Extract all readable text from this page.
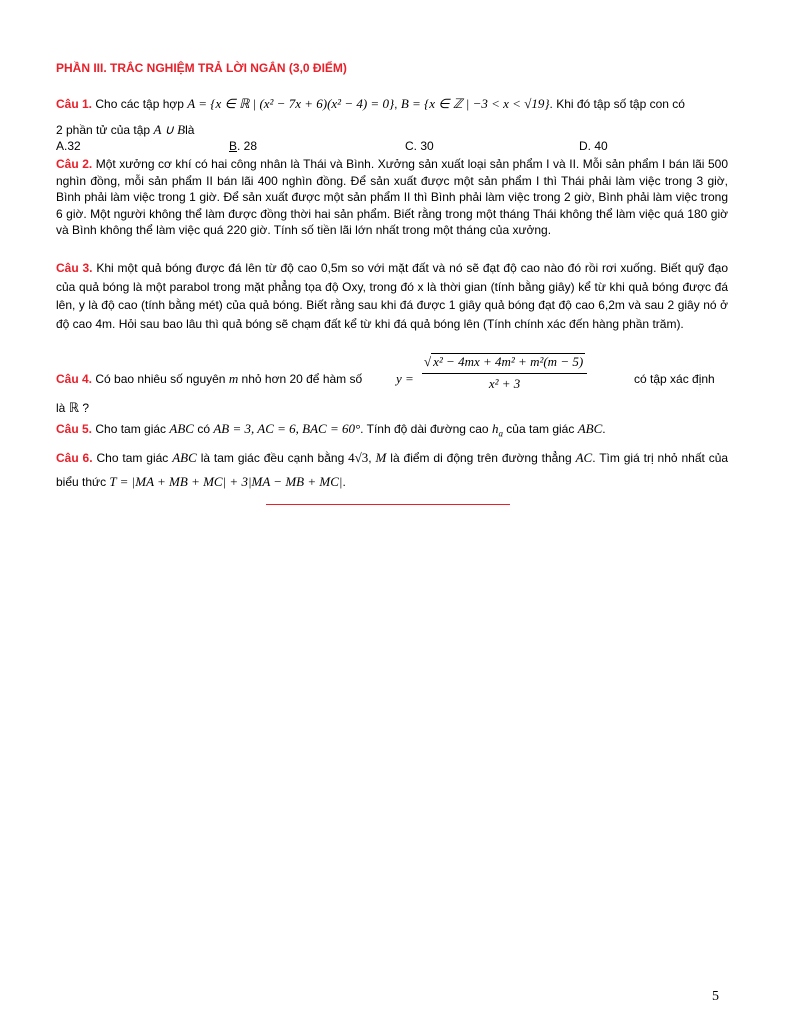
PHẦN III. TRẮC NGHIỆM TRẢ LỜI NGẮN (3,0 ĐIỂM)
Câu 1. Cho các tập hợp A = {x ∈ ℝ | (x² − 7x + 6)(x² − 4) = 0}, B = {x ∈ ℤ | −3 < x < √19}. Khi đó tập số tập con có
2 phần tử của tập A ∪ Blà
A.32	B. 28	C. 30	D. 40
Câu 2. Một xưởng cơ khí có hai công nhân là Thái và Bình. Xưởng sản xuất loại sản phẩm I và II. Mỗi sản phẩm I bán lãi 500 nghìn đồng, mỗi sản phẩm II bán lãi 400 nghìn đồng. Để sản xuất được một sản phẩm I thì Thái phải làm việc trong 3 giờ, Bình phải làm việc trong 1 giờ. Để sản xuất được một sản phẩm II thì Bình phải làm việc trong 2 giờ, Bình phải làm việc trong 6 giờ. Một người không thể làm được đồng thời hai sản phẩm. Biết rằng trong một tháng Thái không thể làm việc quá 180 giờ và Bình không thể làm việc quá 220 giờ. Tính số tiền lãi lớn nhất trong một tháng của xưởng.
Câu 3. Khi một quả bóng được đá lên từ độ cao 0,5m so với mặt đất và nó sẽ đạt độ cao nào đó rồi rơi xuống. Biết quỹ đạo của quả bóng là một parabol trong mặt phẳng tọa độ Oxy, trong đó x là thời gian (tính bằng giây) kể từ khi quả bóng được đá lên, y là độ cao (tính bằng mét) của quả bóng. Biết rằng sau khi đá được 1 giây quả bóng đạt độ cao 6,2m và sau 2 giây nó ở độ cao 4m. Hỏi sau bao lâu thì quả bóng sẽ chạm đất kể từ khi đá quả bóng lên (Tính chính xác đến hàng phần trăm).
Câu 4. Có bao nhiêu số nguyên m nhỏ hơn 20 để hàm số	$y = \frac{\text{√ x² − 4mx + 4m² + m²(m − 5)}}{\text{x² + 3}}$	có tập xác định
là ℝ ?
Câu 5. Cho tam giác ABC có AB = 3, AC = 6, BAC = 60°. Tính độ dài đường cao $h_a$ của tam giác ABC.
Câu 6. Cho tam giác ABC là tam giác đều cạnh bằng 4√3, M là điểm di động trên đường thẳng AC. Tìm giá trị nhỏ nhất của biểu thức T = |MA + MB + MC| + 3|MA − MB + MC|.
5
